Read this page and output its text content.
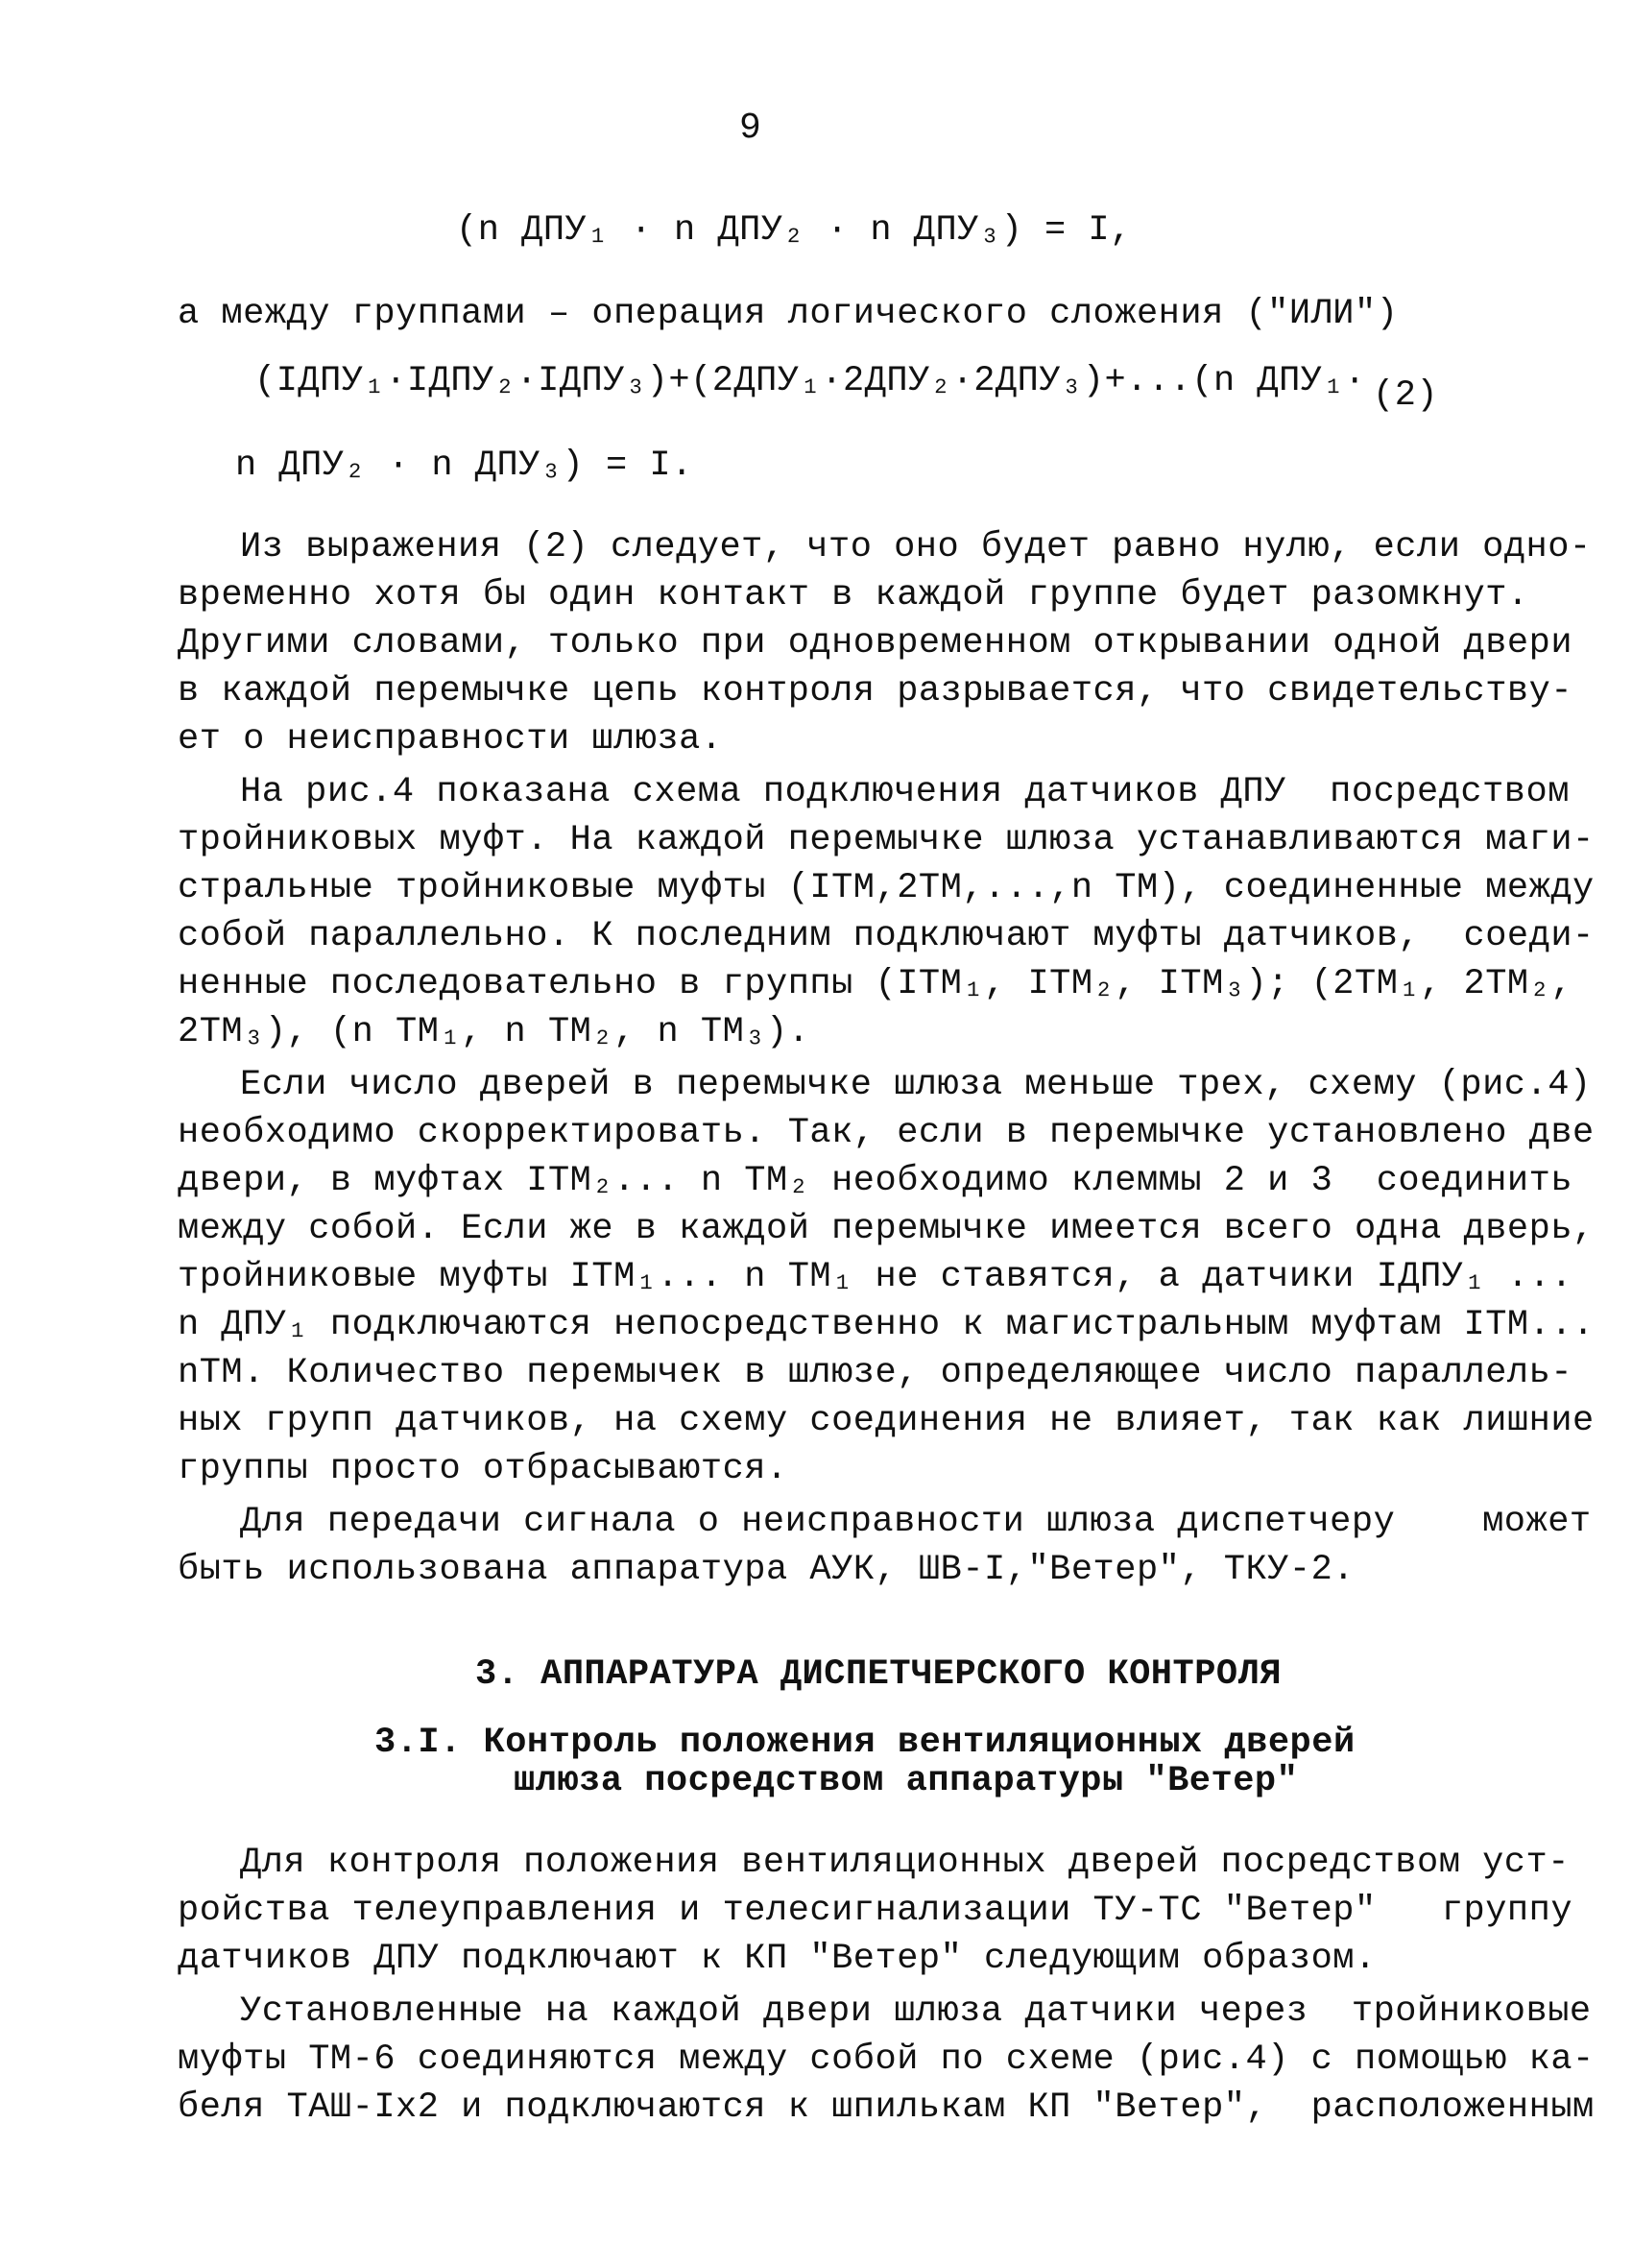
9
(n ДПУ₁ · n ДПУ₂ · n ДПУ₃) = I,
а между группами – операция логического сложения ("ИЛИ")
(IДПУ₁·IДПУ₂·IДПУ₃)+(2ДПУ₁·2ДПУ₂·2ДПУ₃)+...(n ДПУ₁· (2)
n ДПУ₂ · n ДПУ₃) = I.
Из выражения (2) следует, что оно будет равно нулю, если одно-
временно хотя бы один контакт в каждой группе будет разомкнут.
Другими словами, только при одновременном открывании одной двери
в каждой перемычке цепь контроля разрывается, что свидетельству-
ет о неисправности шлюза.
На рис.4 показана схема подключения датчиков ДПУ  посредством
тройниковых муфт. На каждой перемычке шлюза устанавливаются маги-
стральные тройниковые муфты (ITM,2TM,...,n TM), соединенные между
собой параллельно. К последним подключают муфты датчиков,  соеди-
ненные последовательно в группы (ITM₁, ITM₂, ITM₃); (2TM₁, 2TM₂,
2TM₃), (n TM₁, n TM₂, n TM₃).
Если число дверей в перемычке шлюза меньше трех, схему (рис.4)
необходимо скорректировать. Так, если в перемычке установлено две
двери, в муфтах ITM₂... n TM₂ необходимо клеммы 2 и 3  соединить
между собой. Если же в каждой перемычке имеется всего одна дверь,
тройниковые муфты ITM₁... n TM₁ не ставятся, а датчики IДПУ₁ ...
n ДПУ₁ подключаются непосредственно к магистральным муфтам ITM...
nTM. Количество перемычек в шлюзе, определяющее число параллель-
ных групп датчиков, на схему соединения не влияет, так как лишние
группы просто отбрасываются.
Для передачи сигнала о неисправности шлюза диспетчеру    может
быть использована аппаратура АУК, ШВ-I,"Ветер", ТКУ-2.
3. АППАРАТУРА ДИСПЕТЧЕРСКОГО КОНТРОЛЯ
3.I. Контроль положения вентиляционных дверей
шлюза посредством аппаратуры "Ветер"
Для контроля положения вентиляционных дверей посредством уст-
ройства телеуправления и телесигнализации ТУ-ТС "Ветер"   группу
датчиков ДПУ подключают к КП "Ветер" следующим образом.
Установленные на каждой двери шлюза датчики через  тройниковые
муфты ТМ-6 соединяются между собой по схеме (рис.4) с помощью ка-
беля ТАШ-Iх2 и подключаются к шпилькам КП "Ветер",  расположенным
